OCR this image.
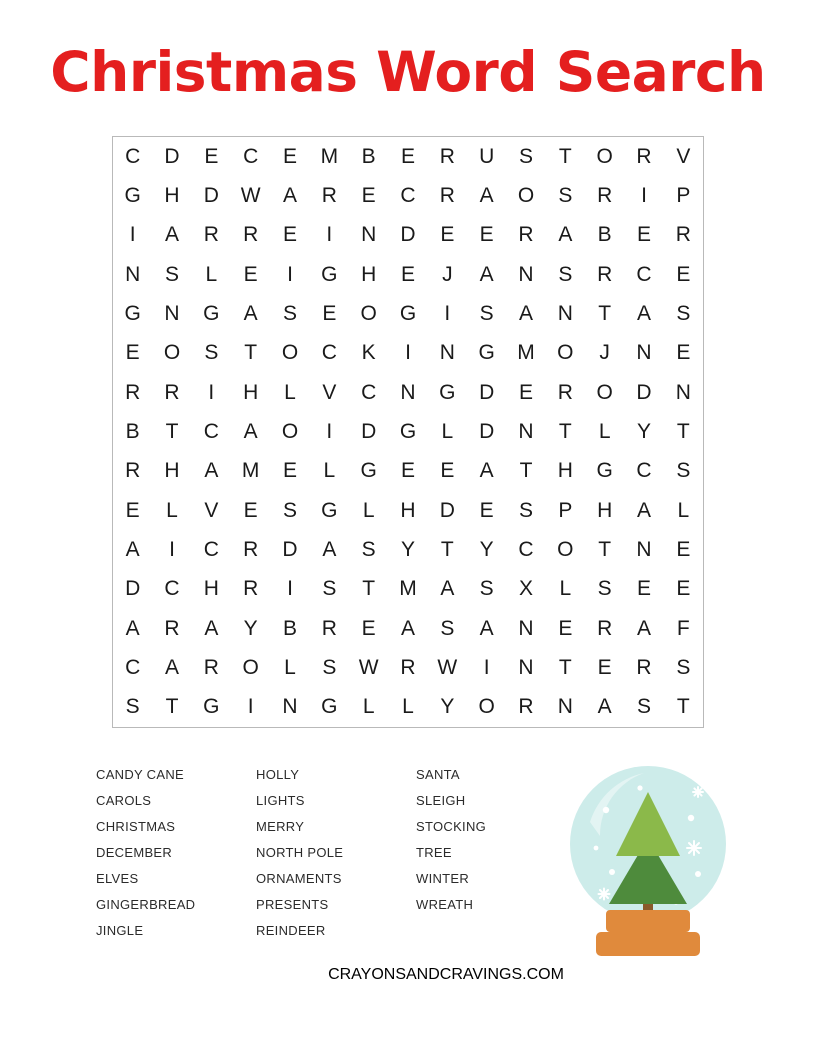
Christmas Word Search
C	D	E	C	E	M	B	E	R	U	S	T	O	R	V
G	H	D	W	A	R	E	C	R	A	O	S	R	I	P
I	A	R	R	E	I	N	D	E	E	R	A	B	E	R
N	S	L	E	I	G	H	E	J	A	N	S	R	C	E
G	N	G	A	S	E	O	G	I	S	A	N	T	A	S
E	O	S	T	O	C	K	I	N	G	M	O	J	N	E
R	R	I	H	L	V	C	N	G	D	E	R	O	D	N
B	T	C	A	O	I	D	G	L	D	N	T	L	Y	T
R	H	A	M	E	L	G	E	E	A	T	H	G	C	S
E	L	V	E	S	G	L	H	D	E	S	P	H	A	L
A	I	C	R	D	A	S	Y	T	Y	C	O	T	N	E
D	C	H	R	I	S	T	M	A	S	X	L	S	E	E
A	R	A	Y	B	R	E	A	S	A	N	E	R	A	F
C	A	R	O	L	S	W	R	W	I	N	T	E	R	S
S	T	G	I	N	G	L	L	Y	O	R	N	A	S	T
CANDY CANE
CAROLS
CHRISTMAS
DECEMBER
ELVES
GINGERBREAD
JINGLE
HOLLY
LIGHTS
MERRY
NORTH POLE
ORNAMENTS
PRESENTS
REINDEER
SANTA
SLEIGH
STOCKING
TREE
WINTER
WREATH
CRAYONSANDCRAVINGS.COM
